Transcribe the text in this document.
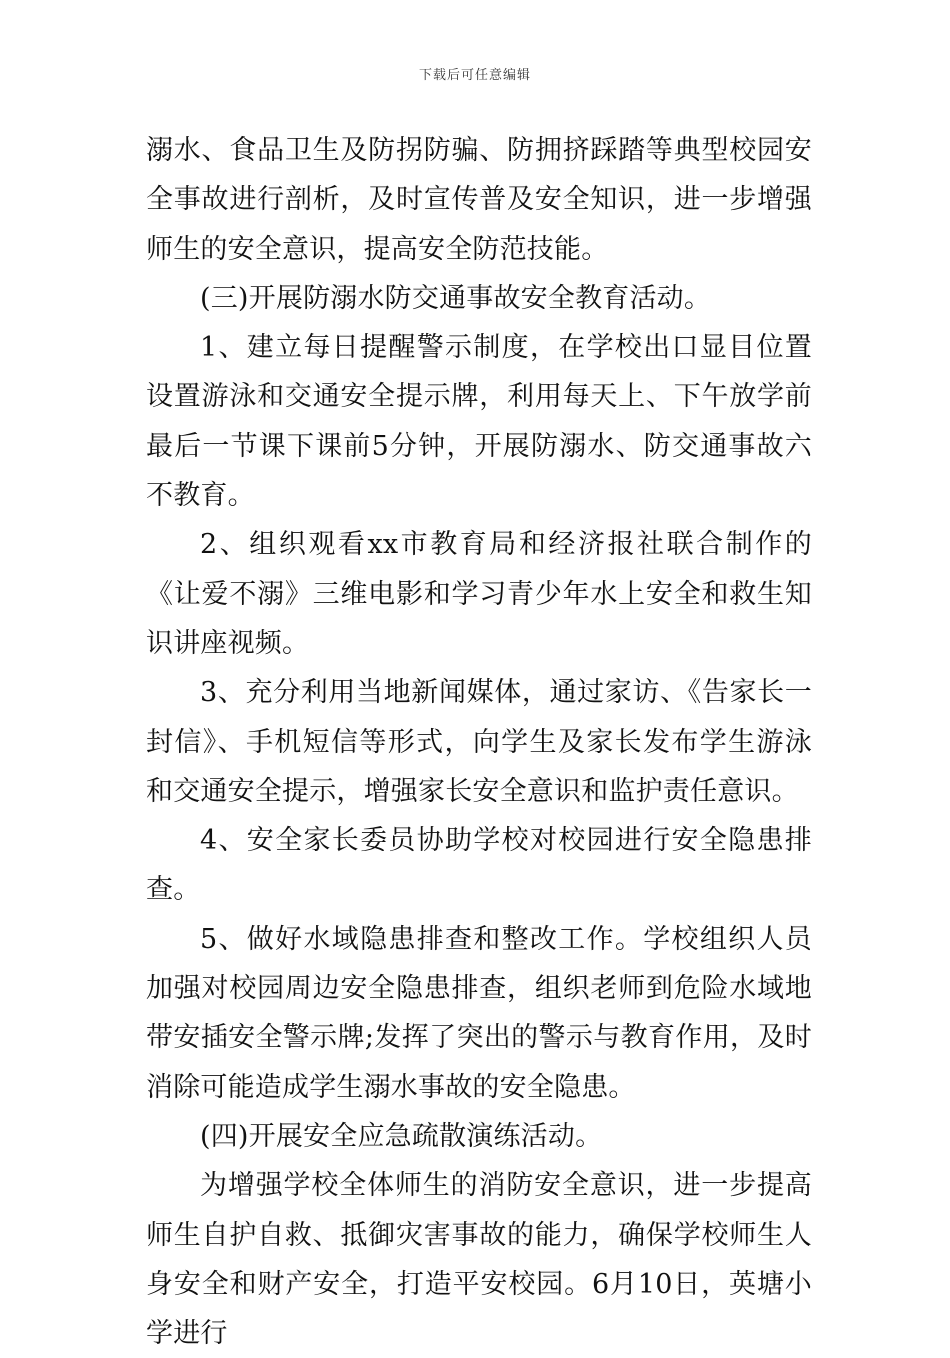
下载后可任意编辑

溺水、食品卫生及防拐防骗、防拥挤踩踏等典型校园安全事故进行剖析，及时宣传普及安全知识，进一步增强师生的安全意识，提高安全防范技能。

(三)开展防溺水防交通事故安全教育活动。

1、建立每日提醒警示制度，在学校出口显目位置设置游泳和交通安全提示牌，利用每天上、下午放学前最后一节课下课前5分钟，开展防溺水、防交通事故六不教育。

2、组织观看xx市教育局和经济报社联合制作的《让爱不溺》三维电影和学习青少年水上安全和救生知识讲座视频。

3、充分利用当地新闻媒体，通过家访、《告家长一封信》、手机短信等形式，向学生及家长发布学生游泳和交通安全提示，增强家长安全意识和监护责任意识。

4、安全家长委员协助学校对校园进行安全隐患排查。

5、做好水域隐患排查和整改工作。学校组织人员加强对校园周边安全隐患排查，组织老师到危险水域地带安插安全警示牌;发挥了突出的警示与教育作用，及时消除可能造成学生溺水事故的安全隐患。

(四)开展安全应急疏散演练活动。

为增强学校全体师生的消防安全意识，进一步提高师生自护自救、抵御灾害事故的能力，确保学校师生人身安全和财产安全，打造平安校园。6月10日，英塘小学进行
